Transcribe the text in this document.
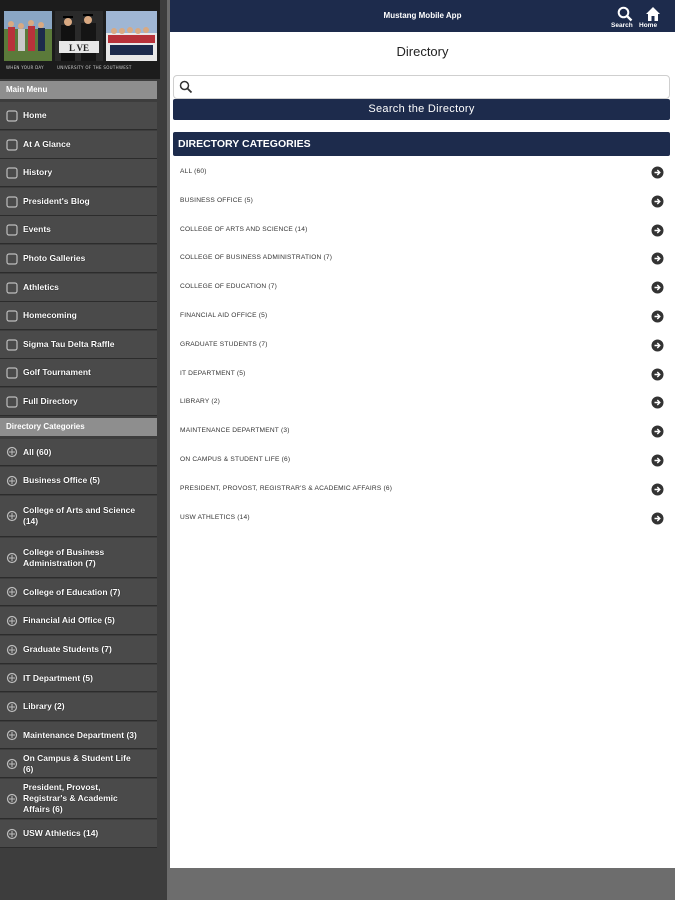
L VE
WHEN YOUR DAY	UNIVERSITY OF THE SOUTHWEST
Main Menu
Home
At A Glance
History
President's Blog
Events
Photo Galleries
Athletics
Homecoming
Sigma Tau Delta Raffle
Golf Tournament
Full Directory
Directory Categories
All (60)
Business Office (5)
College of Arts and Science (14)
College of Business Administration (7)
College of Education (7)
Financial Aid Office (5)
Graduate Students (7)
IT Department (5)
Library (2)
Maintenance Department (3)
On Campus & Student Life (6)
President, Provost, Registrar's & Academic Affairs (6)
USW Athletics (14)
Mustang Mobile App
Search Home
Directory
Search the Directory
DIRECTORY CATEGORIES
ALL (60)
BUSINESS OFFICE (5)
COLLEGE OF ARTS AND SCIENCE (14)
COLLEGE OF BUSINESS ADMINISTRATION (7)
COLLEGE OF EDUCATION (7)
FINANCIAL AID OFFICE (5)
GRADUATE STUDENTS (7)
IT DEPARTMENT (5)
LIBRARY (2)
MAINTENANCE DEPARTMENT (3)
ON CAMPUS & STUDENT LIFE (6)
PRESIDENT, PROVOST, REGISTRAR'S & ACADEMIC AFFAIRS (6)
USW ATHLETICS (14)
